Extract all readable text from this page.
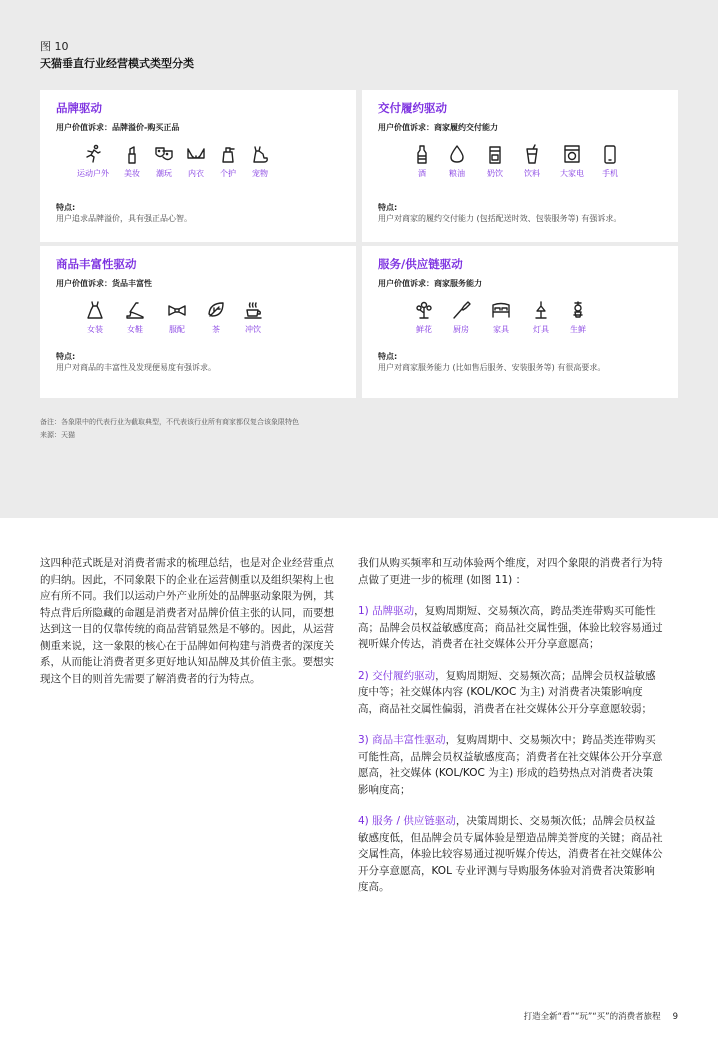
图 10
天猫垂直行业经营模式类型分类
品牌驱动
用户价值诉求：品牌溢价-购买正品
运动户外 美妆 潮玩 内衣 个护 宠物
特点:
用户追求品牌溢价，具有强正品心智。
交付履约驱动
用户价值诉求：商家履约交付能力
酒	粮油	奶饮	饮料	大家电 手机
特点:
用户对商家的履约交付能力 (包括配送时效、包装服务等) 有强诉求。
商品丰富性驱动
用户价值诉求：货品丰富性
女装	女鞋	服配	茶	冲饮
特点:
用户对商品的丰富性及发现便易度有强诉求。
服务/供应链驱动
用户价值诉求：商家服务能力
鲜花	厨房	家具	灯具	生鲜
特点:
用户对商家服务能力 (比如售后服务、安装服务等) 有很高要求。
备注：各象限中的代表行业为截取典型，不代表该行业所有商家都仅复合该象限特色
来源：天猫
这四种范式既是对消费者需求的梳理总结，也是对企业经营重点的归纳。因此，不同象限下的企业在运营侧重以及组织架构上也应有所不同。我们以运动户外产业所处的品牌驱动象限为例，其特点背后所隐藏的命题是消费者对品牌价值主张的认同，而要想达到这一目的仅靠传统的商品营销显然是不够的。因此，从运营侧重来说，这一象限的核心在于品牌如何构建与消费者的深度关系，从而能让消费者更多更好地认知品牌及其价值主张。要想实现这个目的则首先需要了解消费者的行为特点。

我们从购买频率和互动体验两个维度，对四个象限的消费者行为特点做了更进一步的梳理 (如图 11) ：

1) 品牌驱动，复购周期短、交易频次高，跨品类连带购买可能性高；品牌会员权益敏感度高；商品社交属性强，体验比较容易通过视听媒介传达，消费者在社交媒体公开分享意愿高；

2) 交付履约驱动，复购周期短、交易频次高；品牌会员权益敏感度中等；社交媒体内容 (KOL/KOC 为主) 对消费者决策影响度高，商品社交属性偏弱，消费者在社交媒体公开分享意愿较弱；

3) 商品丰富性驱动，复购周期中、交易频次中；跨品类连带购买可能性高，品牌会员权益敏感度高；消费者在社交媒体公开分享意愿高，社交媒体 (KOL/KOC 为主) 形成的趋势热点对消费者决策影响度高；

4) 服务 / 供应链驱动，决策周期长、交易频次低；品牌会员权益敏感度低，但品牌会员专属体验是塑造品牌美誉度的关键；商品社交属性高，体验比较容易通过视听媒介传达，消费者在社交媒体公开分享意愿高，KOL 专业评测与导购服务体验对消费者决策影响度高。

打造全新“看”“玩”“买”的消费者旅程 9
